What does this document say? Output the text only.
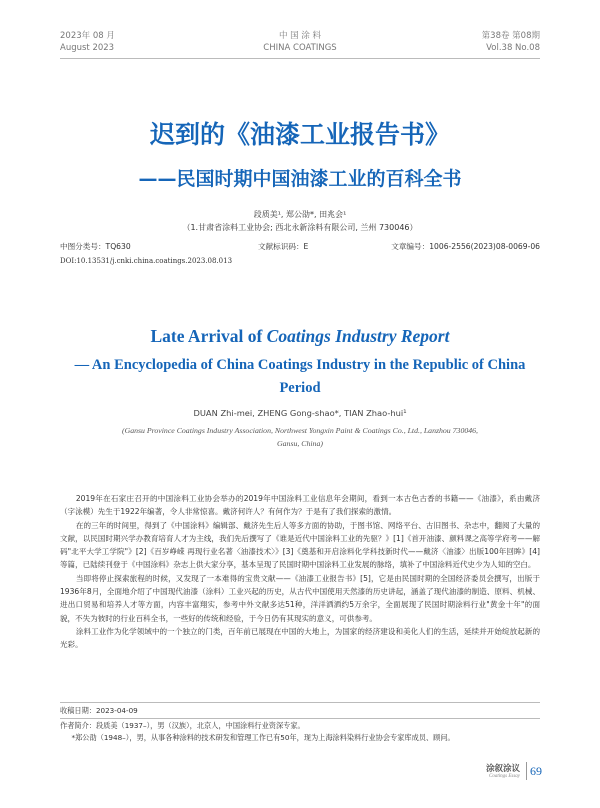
2023年 08 月
August 2023
中 国 涂 料
CHINA COATINGS
第38卷 第08期
Vol.38 No.08
迟到的《油漆工业报告书》
——民国时期中国油漆工业的百科全书
段质美¹, 郑公劭*, 田兆会¹
（1.甘肃省涂料工业协会; 西北永新涂料有限公司, 兰州 730046）
中图分类号：TQ630	文献标识码：E	文章编号：1006-2556(2023)08-0069-06
DOI:10.13531/j.cnki.china.coatings.2023.08.013
Late Arrival of Coatings Industry Report
— An Encyclopedia of China Coatings Industry in the Republic of China Period
DUAN Zhi-mei, ZHENG Gong-shao*, TIAN Zhao-hui¹
(Gansu Province Coatings Industry Association, Northwest Yongxin Paint & Coatings Co., Ltd., Lanzhou 730046, Gansu, China)

2019年在石家庄召开的中国涂料工业协会举办的2019年中国涂料工业信息年会期间，看到一本古色古香的书籍——《油漆》，系由戴济（字泳模）先生于1922年编著，令人非常惊喜。戴济何许人？有何作为？于是有了我们探索的激情。

在的三年的时间里，得到了《中国涂料》编辑部、戴济先生后人等多方面的协助，于图书馆、网络平台、古旧图书、杂志中，翻阅了大量的文献，以民国时期兴学办教育培育人才为主线，我们先后撰写了《谁是近代中国涂料工业的先驱？》[1]《首开油漆、颜料课之高等学府考——解码"北平大学工学院"》[2]《百岁峥嵘 再现行业名著〈油漆技术〉》[3]《奠基和开启涂料化学科技新时代——戴济〈油漆〉出版100年回眸》[4]等篇，已陆续刊登于《中国涂料》杂志上供大家分享，基本呈现了民国时期中国涂料工业发展的脉络，填补了中国涂料近代史少为人知的空白。

当即将停止探索旅程的时候，又发现了一本难得的宝贵文献——《油漆工业报告书》[5]，它是由民国时期的全国经济委员会撰写，出版于1936年8月，全面地介绍了中国现代油漆（涂料）工业兴起的历史，从古代中国使用天然漆的历史讲起，涵盖了现代油漆的制造、原料、机械、进出口贸易和培养人才等方面，内容丰富翔实，参考中外文献多达51种，洋洋洒洒约5万余字，全面展现了民国时期涂料行业"黄金十年"的面貌，不失为彼时的行业百科全书，一些好的传统和经验，于今日仍有其现实的意义，可供参考。

涂料工业作为化学领域中的一个独立的门类，百年前已展现在中国的大地上，为国家的经济建设和美化人们的生活，延续并开始绽放起新的光彩。

收稿日期：2023-04-09
作者简介：段质美（1937–），男（汉族），北京人，中国涂料行业资深专家。
*郑公劭（1948–），男，从事各种涂料的技术研发和管理工作已有50年，现为上海涂料染料行业协会专家库成员、顾问。
涂叙涂议
Coatings Essay 69
